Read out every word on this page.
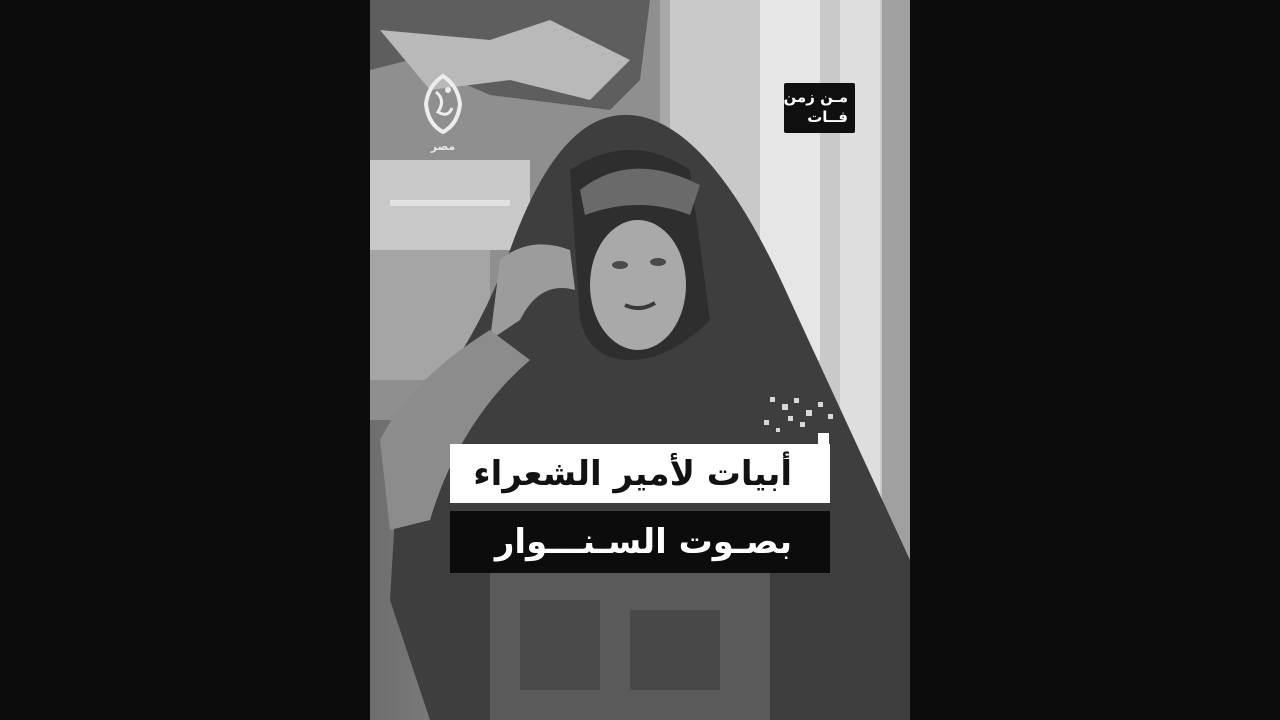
مصر
مـن زمن
فــات
أبيات لأمير الشعراء
بصـوت السـنـــوار
